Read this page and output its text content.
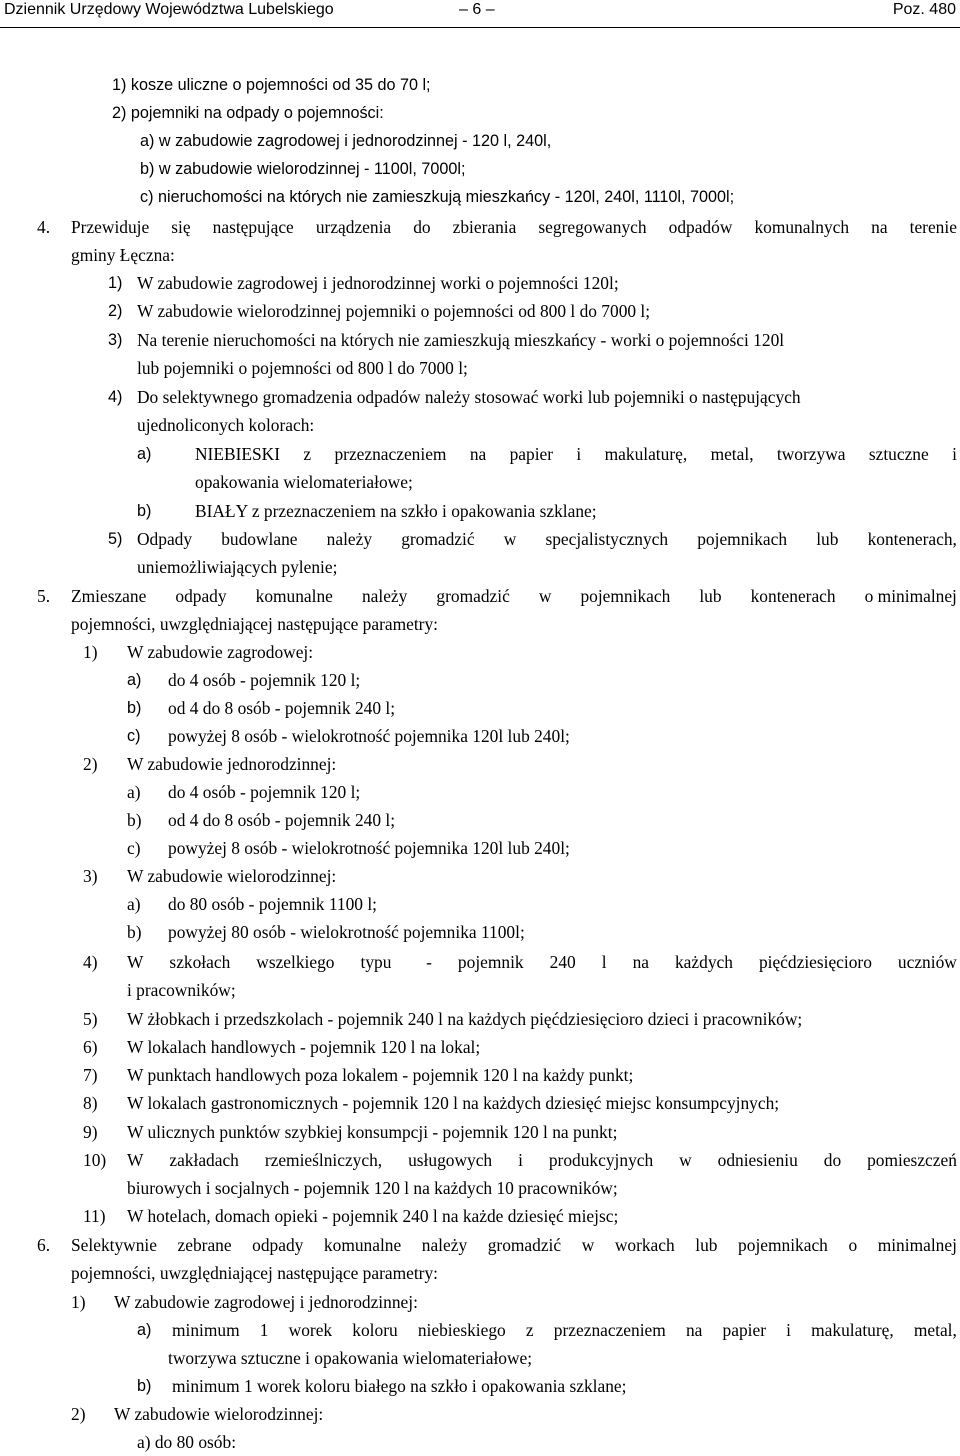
Dziennik Urzędowy Województwa Lubelskiego	– 6 –	Poz. 480
1) kosze uliczne o pojemności od 35 do 70 l;
2) pojemniki na odpady o pojemności:
a) w zabudowie zagrodowej i jednorodzinnej - 120 l, 240l,
b) w zabudowie wielorodzinnej - 1100l, 7000l;
c) nieruchomości na których nie zamieszkują mieszkańcy - 120l, 240l, 1110l, 7000l;
4. Przewiduje się następujące urządzenia do zbierania segregowanych odpadów komunalnych na terenie
gminy Łęczna:
1) W zabudowie zagrodowej i jednorodzinnej worki o pojemności 120l;
2) W zabudowie wielorodzinnej pojemniki o pojemności od 800 l do 7000 l;
3) Na terenie nieruchomości na których nie zamieszkują mieszkańcy - worki o pojemności 120l
lub pojemniki o pojemności od 800 l do 7000 l;
4) Do selektywnego gromadzenia odpadów należy stosować worki lub pojemniki o następujących
ujednoliconych kolorach:
a)	NIEBIESKI z przeznaczeniem na papier i makulaturę, metal, tworzywa sztuczne i
opakowania wielomateriałowe;
b)	BIAŁY z przeznaczeniem na szkło i opakowania szklane;
5) Odpady budowlane należy gromadzić w specjalistycznych pojemnikach lub kontenerach,
uniemożliwiających pylenie;
5. Zmieszane odpady komunalne należy gromadzić w pojemnikach lub kontenerach o minimalnej
pojemności, uwzględniającej następujące parametry:
1) W zabudowie zagrodowej:
a) do 4 osób - pojemnik 120 l;
b) od 4 do 8 osób - pojemnik 240 l;
c) powyżej 8 osób - wielokrotność pojemnika 120l lub 240l;
2) W zabudowie jednorodzinnej:
a) do 4 osób - pojemnik 120 l;
b) od 4 do 8 osób - pojemnik 240 l;
c) powyżej 8 osób - wielokrotność pojemnika 120l lub 240l;
3) W zabudowie wielorodzinnej:
a) do 80 osób - pojemnik 1100 l;
b) powyżej 80 osób - wielokrotność pojemnika 1100l;
4) W szkołach wszelkiego typu - pojemnik 240 l na każdych pięćdziesięcioro uczniów
i pracowników;
5) W żłobkach i przedszkolach - pojemnik 240 l na każdych pięćdziesięcioro dzieci i pracowników;
6) W lokalach handlowych - pojemnik 120 l na lokal;
7) W punktach handlowych poza lokalem - pojemnik 120 l na każdy punkt;
8) W lokalach gastronomicznych - pojemnik 120 l na każdych dziesięć miejsc konsumpcyjnych;
9) W ulicznych punktów szybkiej konsumpcji - pojemnik 120 l na punkt;
10) W zakładach rzemieślniczych, usługowych i produkcyjnych w odniesieniu do pomieszczeń
biurowych i socjalnych - pojemnik 120 l na każdych 10 pracowników;
11) W hotelach, domach opieki - pojemnik 240 l na każde dziesięć miejsc;
6. Selektywnie zebrane odpady komunalne należy gromadzić w workach lub pojemnikach o minimalnej
pojemności, uwzględniającej następujące parametry:
1) W zabudowie zagrodowej i jednorodzinnej:
a) minimum 1 worek koloru niebieskiego z przeznaczeniem na papier i makulaturę, metal,
tworzywa sztuczne i opakowania wielomateriałowe;
b) minimum 1 worek koloru białego na szkło i opakowania szklane;
2) W zabudowie wielorodzinnej:
a) do 80 osób:
